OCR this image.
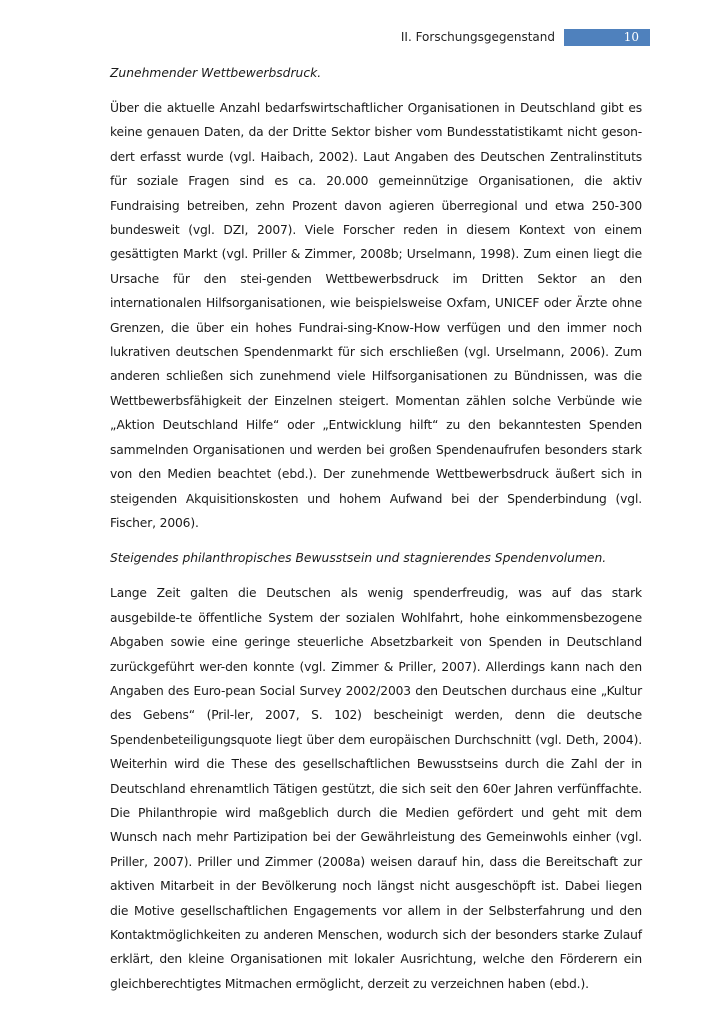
II. Forschungsgegenstand	10

Zunehmender Wettbewerbsdruck.

Über die aktuelle Anzahl bedarfswirtschaftlicher Organisationen in Deutschland gibt es keine genauen Daten, da der Dritte Sektor bisher vom Bundesstatistikamt nicht geson-dert erfasst wurde (vgl. Haibach, 2002). Laut Angaben des Deutschen Zentralinstituts für soziale Fragen sind es ca. 20.000 gemeinnützige Organisationen, die aktiv Fundraising betreiben, zehn Prozent davon agieren überregional und etwa 250-300 bundesweit (vgl. DZI, 2007). Viele Forscher reden in diesem Kontext von einem gesättigten Markt (vgl. Priller & Zimmer, 2008b; Urselmann, 1998). Zum einen liegt die Ursache für den stei-genden Wettbewerbsdruck im Dritten Sektor an den internationalen Hilfsorganisationen, wie beispielsweise Oxfam, UNICEF oder Ärzte ohne Grenzen, die über ein hohes Fundrai-sing-Know-How verfügen und den immer noch lukrativen deutschen Spendenmarkt für sich erschließen (vgl. Urselmann, 2006). Zum anderen schließen sich zunehmend viele Hilfsorganisationen zu Bündnissen, was die Wettbewerbsfähigkeit der Einzelnen steigert. Momentan zählen solche Verbünde wie „Aktion Deutschland Hilfe“ oder „Entwicklung hilft“ zu den bekanntesten Spenden sammelnden Organisationen und werden bei großen Spendenaufrufen besonders stark von den Medien beachtet (ebd.). Der zunehmende Wettbewerbsdruck äußert sich in steigenden Akquisitionskosten und hohem Aufwand bei der Spenderbindung (vgl. Fischer, 2006).

Steigendes philanthropisches Bewusstsein und stagnierendes Spendenvolumen.

Lange Zeit galten die Deutschen als wenig spenderfreudig, was auf das stark ausgebilde-te öffentliche System der sozialen Wohlfahrt, hohe einkommensbezogene Abgaben sowie eine geringe steuerliche Absetzbarkeit von Spenden in Deutschland zurückgeführt wer-den konnte (vgl. Zimmer & Priller, 2007). Allerdings kann nach den Angaben des Euro-pean Social Survey 2002/2003 den Deutschen durchaus eine „Kultur des Gebens“ (Pril-ler, 2007, S. 102) bescheinigt werden, denn die deutsche Spendenbeteiligungsquote liegt über dem europäischen Durchschnitt (vgl. Deth, 2004). Weiterhin wird die These des gesellschaftlichen Bewusstseins durch die Zahl der in Deutschland ehrenamtlich Tätigen gestützt, die sich seit den 60er Jahren verfünffachte. Die Philanthropie wird maßgeblich durch die Medien gefördert und geht mit dem Wunsch nach mehr Partizipation bei der Gewährleistung des Gemeinwohls einher (vgl. Priller, 2007). Priller und Zimmer (2008a) weisen darauf hin, dass die Bereitschaft zur aktiven Mitarbeit in der Bevölkerung noch längst nicht ausgeschöpft ist. Dabei liegen die Motive gesellschaftlichen Engagements vor allem in der Selbsterfahrung und den Kontaktmöglichkeiten zu anderen Menschen, wodurch sich der besonders starke Zulauf erklärt, den kleine Organisationen mit lokaler Ausrichtung, welche den Förderern ein gleichberechtigtes Mitmachen ermöglicht, derzeit zu verzeichnen haben (ebd.).
